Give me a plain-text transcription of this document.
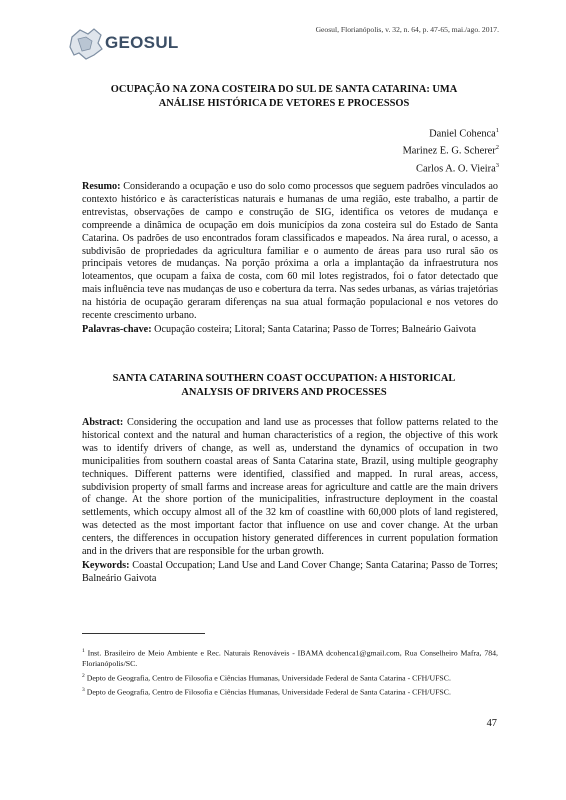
GEOSUL
Geosul, Florianópolis, v. 32, n. 64, p. 47-65, mai./ago. 2017.
OCUPAÇÃO NA ZONA COSTEIRA DO SUL DE SANTA CATARINA: UMA
ANÁLISE HISTÓRICA DE VETORES E PROCESSOS
Daniel Cohenca$^1$
Marinez E. G. Scherer$^2$
Carlos A. O. Vieira$^3$
Resumo: Considerando a ocupação e uso do solo como processos que seguem padrões vinculados ao contexto histórico e às características naturais e humanas de uma região, este trabalho, a partir de entrevistas, observações de campo e construção de SIG, identifica os vetores de mudança e compreende a dinâmica de ocupação em dois municípios da zona costeira sul do Estado de Santa Catarina. Os padrões de uso encontrados foram classificados e mapeados. Na área rural, o acesso, a subdivisão de propriedades da agricultura familiar e o aumento de áreas para uso rural são os principais vetores de mudanças. Na porção próxima a orla a implantação da infraestrutura nos loteamentos, que ocupam a faixa de costa, com 60 mil lotes registrados, foi o fator detectado que mais influência teve nas mudanças de uso e cobertura da terra. Nas sedes urbanas, as várias trajetórias na história de ocupação geraram diferenças na sua atual formação populacional e nos vetores do recente crescimento urbano.
Palavras-chave: Ocupação costeira; Litoral; Santa Catarina; Passo de Torres; Balneário Gaivota
SANTA CATARINA SOUTHERN COAST OCCUPATION: A HISTORICAL
ANALYSIS OF DRIVERS AND PROCESSES
Abstract: Considering the occupation and land use as processes that follow patterns related to the historical context and the natural and human characteristics of a region, the objective of this work was to identify drivers of change, as well as, understand the dynamics of occupation in two municipalities from southern coastal areas of Santa Catarina state, Brazil, using multiple geography techniques. Different patterns were identified, classified and mapped. In rural areas, access, subdivision property of small farms and increase areas for agriculture and cattle are the main drivers of change. At the shore portion of the municipalities, infrastructure deployment in the coastal settlements, which occupy almost all of the 32 km of coastline with 60,000 plots of land registered, was detected as the most important factor that influence on use and cover change. At the urban centers, the differences in occupation history generated differences in current population formation and in the drivers that are responsible for the urban growth.
Keywords: Coastal Occupation; Land Use and Land Cover Change; Santa Catarina; Passo de Torres; Balneário Gaivota

$^1$ Inst. Brasileiro de Meio Ambiente e Rec. Naturais Renováveis - IBAMA dcohenca1@gmail.com, Rua Conselheiro Mafra, 784, Florianópolis/SC.

$^2$ Depto de Geografia, Centro de Filosofia e Ciências Humanas, Universidade Federal de Santa Catarina - CFH/UFSC.

$^3$ Depto de Geografia, Centro de Filosofia e Ciências Humanas, Universidade Federal de Santa Catarina - CFH/UFSC.

47
